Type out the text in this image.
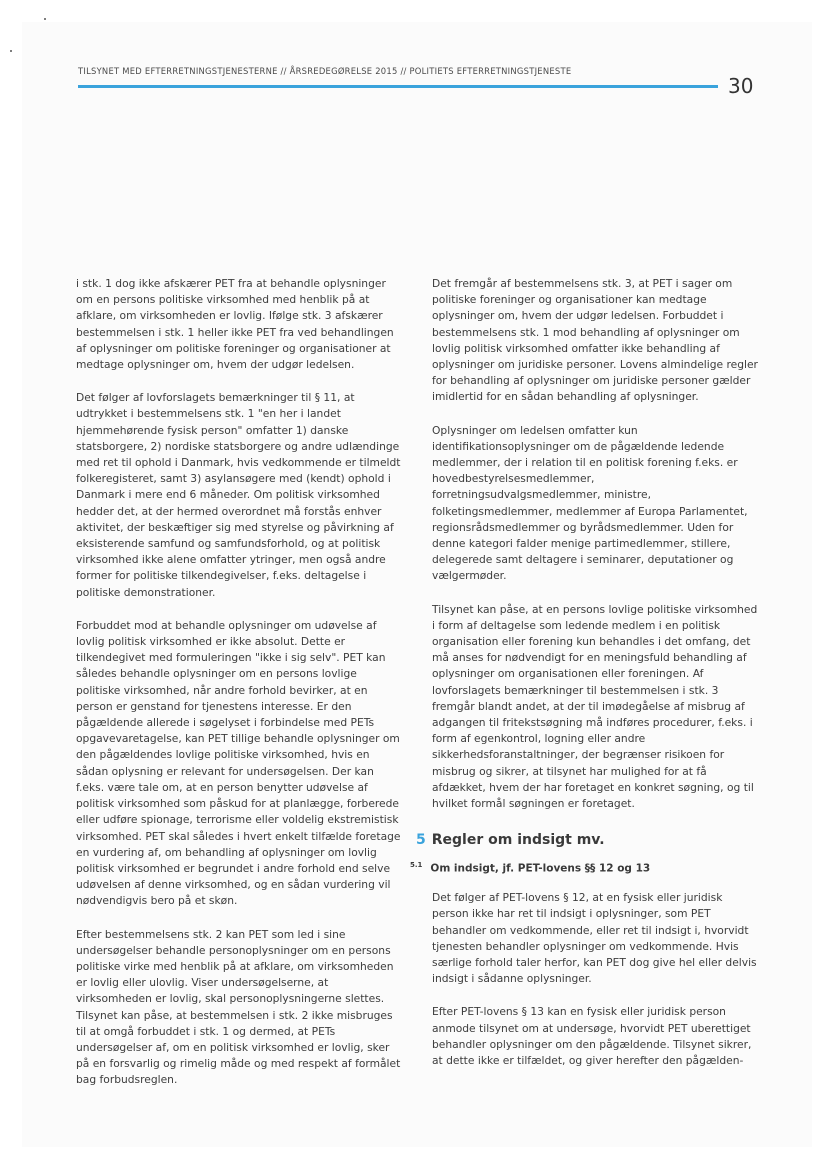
TILSYNET MED EFTERRETNINGSTJENESTERNE // ÅRSREDEGØRELSE 2015 // POLITIETS EFTERRETNINGSTJENESTE
30

i stk. 1 dog ikke afskærer PET fra at behandle oplysninger om en persons politiske virksomhed med henblik på at afklare, om virksomheden er lovlig. Ifølge stk. 3 afskærer bestemmelsen i stk. 1 heller ikke PET fra ved behandlingen af oplysninger om politiske foreninger og organisationer at medtage oplysninger om, hvem der udgør ledelsen.

Det følger af lovforslagets bemærkninger til § 11, at udtrykket i bestemmelsens stk. 1 "en her i landet hjemmehørende fysisk person" omfatter 1) danske statsborgere, 2) nordiske statsborgere og andre udlændinge med ret til ophold i Danmark, hvis vedkommende er tilmeldt folkeregisteret, samt 3) asylansøgere med (kendt) ophold i Danmark i mere end 6 måneder. Om politisk virksomhed hedder det, at der hermed overordnet må forstås enhver aktivitet, der beskæftiger sig med styrelse og påvirkning af eksisterende samfund og samfundsforhold, og at politisk virksomhed ikke alene omfatter ytringer, men også andre former for politiske tilkendegivelser, f.eks. deltagelse i politiske demonstrationer.

Forbuddet mod at behandle oplysninger om udøvelse af lovlig politisk virksomhed er ikke absolut. Dette er tilkendegivet med formuleringen "ikke i sig selv". PET kan således behandle oplysninger om en persons lovlige politiske virksomhed, når andre forhold bevirker, at en person er genstand for tjenestens interesse. Er den pågældende allerede i søgelyset i forbindelse med PETs opgavevaretagelse, kan PET tillige behandle oplysninger om den pågældendes lovlige politiske virksomhed, hvis en sådan oplysning er relevant for undersøgelsen. Der kan f.eks. være tale om, at en person benytter udøvelse af politisk virksomhed som påskud for at planlægge, forberede eller udføre spionage, terrorisme eller voldelig ekstremistisk virksomhed. PET skal således i hvert enkelt tilfælde foretage en vurdering af, om behandling af oplysninger om lovlig politisk virksomhed er begrundet i andre forhold end selve udøvelsen af denne virksomhed, og en sådan vurdering vil nødvendigvis bero på et skøn.

Efter bestemmelsens stk. 2 kan PET som led i sine undersøgelser behandle personoplysninger om en persons politiske virke med henblik på at afklare, om virksomheden er lovlig eller ulovlig. Viser undersøgelserne, at virksomheden er lovlig, skal personoplysningerne slettes. Tilsynet kan påse, at bestemmelsen i stk. 2 ikke misbruges til at omgå forbuddet i stk. 1 og dermed, at PETs undersøgelser af, om en politisk virksomhed er lovlig, sker på en forsvarlig og rimelig måde og med respekt af formålet bag forbudsreglen.

Det fremgår af bestemmelsens stk. 3, at PET i sager om politiske foreninger og organisationer kan medtage oplysninger om, hvem der udgør ledelsen. Forbuddet i bestemmelsens stk. 1 mod behandling af oplysninger om lovlig politisk virksomhed omfatter ikke behandling af oplysninger om juridiske personer. Lovens almindelige regler for behandling af oplysninger om juridiske personer gælder imidlertid for en sådan behandling af oplysninger.

Oplysninger om ledelsen omfatter kun identifikationsoplysninger om de pågældende ledende medlemmer, der i relation til en politisk forening f.eks. er hovedbestyrelsesmedlemmer, forretningsudvalgsmedlemmer, ministre, folketingsmedlemmer, medlemmer af Europa Parlamentet, regionsrådsmedlemmer og byrådsmedlemmer. Uden for denne kategori falder menige partimedlemmer, stillere, delegerede samt deltagere i seminarer, deputationer og vælgermøder.

Tilsynet kan påse, at en persons lovlige politiske virksomhed i form af deltagelse som ledende medlem i en politisk organisation eller forening kun behandles i det omfang, det må anses for nødvendigt for en meningsfuld behandling af oplysninger om organisationen eller foreningen. Af lovforslagets bemærkninger til bestemmelsen i stk. 3 fremgår blandt andet, at der til imødegåelse af misbrug af adgangen til fritekstsøgning må indføres procedurer, f.eks. i form af egenkontrol, logning eller andre sikkerhedsforanstaltninger, der begrænser risikoen for misbrug og sikrer, at tilsynet har mulighed for at få afdækket, hvem der har foretaget en konkret søgning, og til hvilket formål søgningen er foretaget.

5 Regler om indsigt mv.
$^{5.1}$ Om indsigt, jf. PET-lovens §§ 12 og 13

Det følger af PET-lovens § 12, at en fysisk eller juridisk person ikke har ret til indsigt i oplysninger, som PET behandler om vedkommende, eller ret til indsigt i, hvorvidt tjenesten behandler oplysninger om vedkommende. Hvis særlige forhold taler herfor, kan PET dog give hel eller delvis indsigt i sådanne oplysninger.

Efter PET-lovens § 13 kan en fysisk eller juridisk person anmode tilsynet om at undersøge, hvorvidt PET uberettiget behandler oplysninger om den pågældende. Tilsynet sikrer, at dette ikke er tilfældet, og giver herefter den pågælden-
